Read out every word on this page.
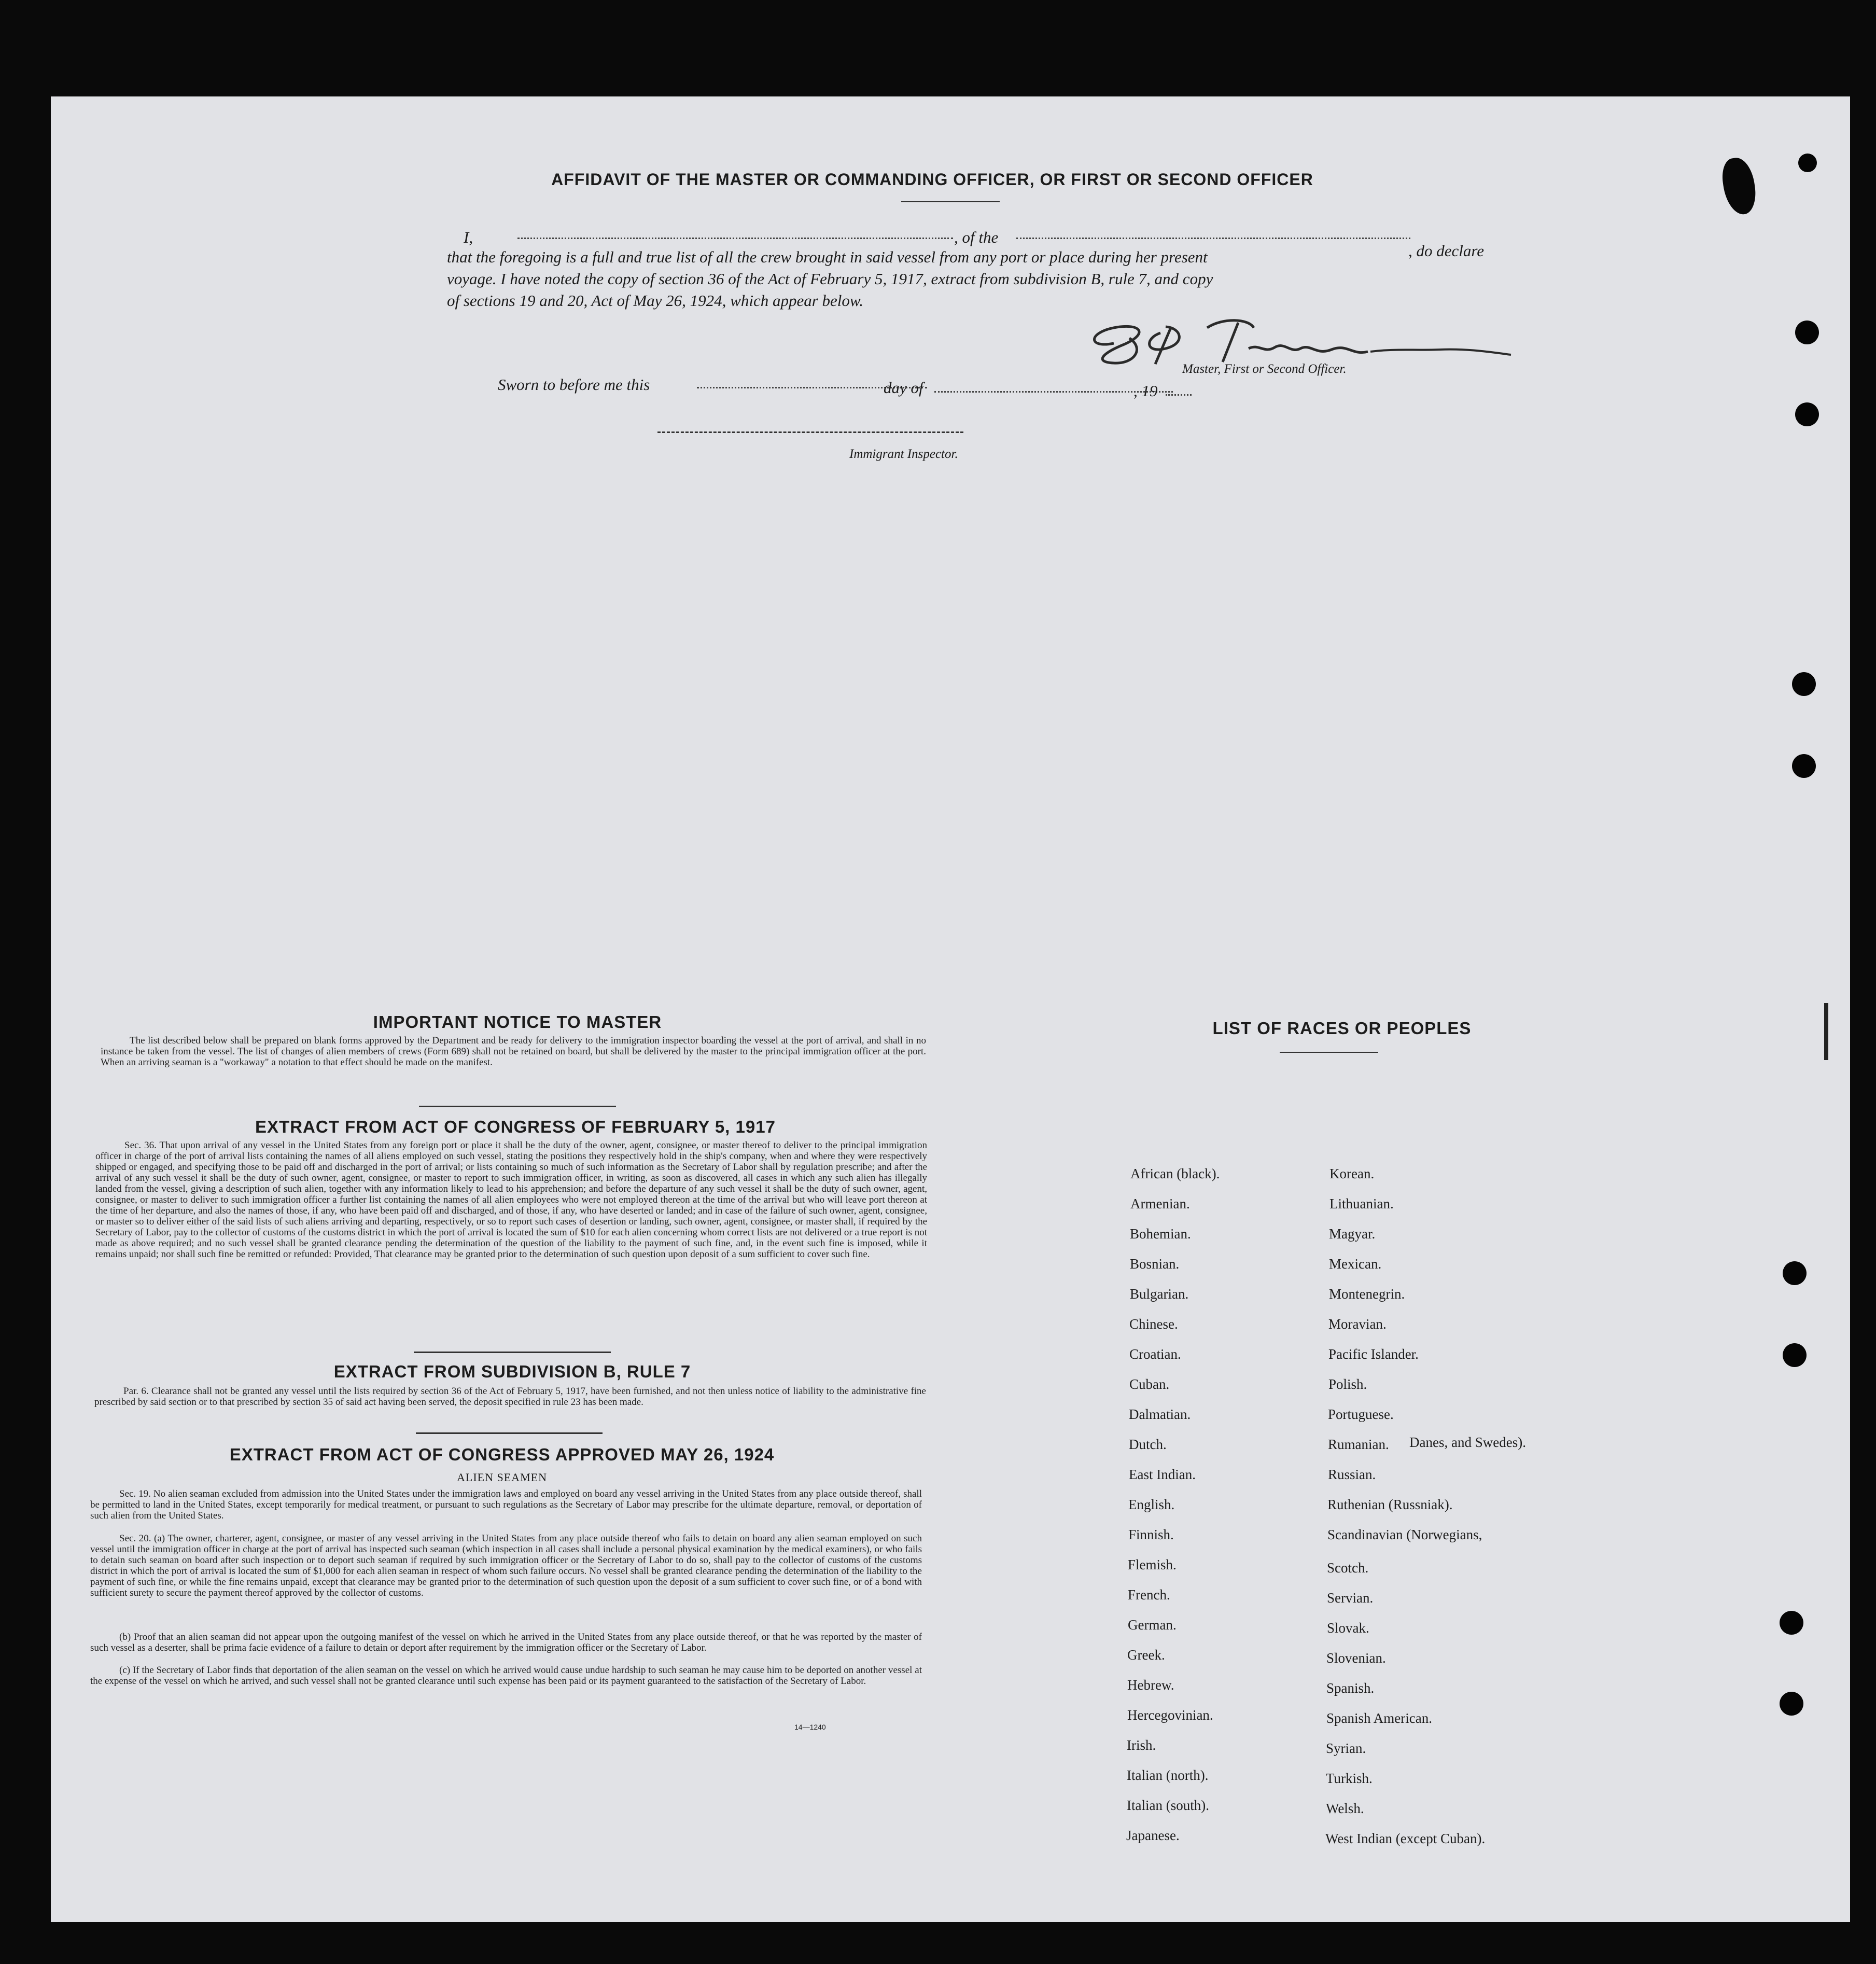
AFFIDAVIT OF THE MASTER OR COMMANDING OFFICER, OR FIRST OR SECOND OFFICER
I,	, of the
, do declare
that the foregoing is a full and true list of all the crew brought in said vessel from any port or place during her present
voyage. I have noted the copy of section 36 of the Act of February 5, 1917, extract from subdivision B, rule 7, and copy
of sections 19 and 20, Act of May 26, 1924, which appear below.
Master, First or Second Officer.
Sworn to before me this	day of	, 19
Immigrant Inspector.
IMPORTANT NOTICE TO MASTER
The list described below shall be prepared on blank forms approved by the Department and be ready for delivery to the immigration inspector boarding the vessel at the port of arrival, and shall in no instance be taken from the vessel. The list of changes of alien members of crews (Form 689) shall not be retained on board, but shall be delivered by the master to the principal immigration officer at the port. When an arriving seaman is a "workaway" a notation to that effect should be made on the manifest.
EXTRACT FROM ACT OF CONGRESS OF FEBRUARY 5, 1917
Sec. 36. That upon arrival of any vessel in the United States from any foreign port or place it shall be the duty of the owner, agent, consignee, or master thereof to deliver to the principal immigration officer in charge of the port of arrival lists containing the names of all aliens employed on such vessel, stating the positions they respectively hold in the ship's company, when and where they were respectively shipped or engaged, and specifying those to be paid off and discharged in the port of arrival; or lists containing so much of such information as the Secretary of Labor shall by regulation prescribe; and after the arrival of any such vessel it shall be the duty of such owner, agent, consignee, or master to report to such immigration officer, in writing, as soon as discovered, all cases in which any such alien has illegally landed from the vessel, giving a description of such alien, together with any information likely to lead to his apprehension; and before the departure of any such vessel it shall be the duty of such owner, agent, consignee, or master to deliver to such immigration officer a further list containing the names of all alien employees who were not employed thereon at the time of the arrival but who will leave port thereon at the time of her departure, and also the names of those, if any, who have been paid off and discharged, and of those, if any, who have deserted or landed; and in case of the failure of such owner, agent, consignee, or master so to deliver either of the said lists of such aliens arriving and departing, respectively, or so to report such cases of desertion or landing, such owner, agent, consignee, or master shall, if required by the Secretary of Labor, pay to the collector of customs of the customs district in which the port of arrival is located the sum of $10 for each alien concerning whom correct lists are not delivered or a true report is not made as above required; and no such vessel shall be granted clearance pending the determination of the question of the liability to the payment of such fine, and, in the event such fine is imposed, while it remains unpaid; nor shall such fine be remitted or refunded: Provided, That clearance may be granted prior to the determination of such question upon deposit of a sum sufficient to cover such fine.
EXTRACT FROM SUBDIVISION B, RULE 7
Par. 6. Clearance shall not be granted any vessel until the lists required by section 36 of the Act of February 5, 1917, have been furnished, and not then unless notice of liability to the administrative fine prescribed by said section or to that prescribed by section 35 of said act having been served, the deposit specified in rule 23 has been made.
EXTRACT FROM ACT OF CONGRESS APPROVED MAY 26, 1924
ALIEN SEAMEN
Sec. 19. No alien seaman excluded from admission into the United States under the immigration laws and employed on board any vessel arriving in the United States from any place outside thereof, shall be permitted to land in the United States, except temporarily for medical treatment, or pursuant to such regulations as the Secretary of Labor may prescribe for the ultimate departure, removal, or deportation of such alien from the United States.
Sec. 20. (a) The owner, charterer, agent, consignee, or master of any vessel arriving in the United States from any place outside thereof who fails to detain on board any alien seaman employed on such vessel until the immigration officer in charge at the port of arrival has inspected such seaman (which inspection in all cases shall include a personal physical examination by the medical examiners), or who fails to detain such seaman on board after such inspection or to deport such seaman if required by such immigration officer or the Secretary of Labor to do so, shall pay to the collector of customs of the customs district in which the port of arrival is located the sum of $1,000 for each alien seaman in respect of whom such failure occurs. No vessel shall be granted clearance pending the determination of the liability to the payment of such fine, or while the fine remains unpaid, except that clearance may be granted prior to the determination of such question upon the deposit of a sum sufficient to cover such fine, or of a bond with sufficient surety to secure the payment thereof approved by the collector of customs.
(b) Proof that an alien seaman did not appear upon the outgoing manifest of the vessel on which he arrived in the United States from any place outside thereof, or that he was reported by the master of such vessel as a deserter, shall be prima facie evidence of a failure to detain or deport after requirement by the immigration officer or the Secretary of Labor.
(c) If the Secretary of Labor finds that deportation of the alien seaman on the vessel on which he arrived would cause undue hardship to such seaman he may cause him to be deported on another vessel at the expense of the vessel on which he arrived, and such vessel shall not be granted clearance until such expense has been paid or its payment guaranteed to the satisfaction of the Secretary of Labor.
14—1240
LIST OF RACES OR PEOPLES
African (black).
Armenian.
Bohemian.
Bosnian.
Bulgarian.
Chinese.
Croatian.
Cuban.
Dalmatian.
Dutch.
East Indian.
English.
Finnish.
Flemish.
French.
German.
Greek.
Hebrew.
Hercegovinian.
Irish.
Italian (north).
Italian (south).
Japanese.
Korean.
Lithuanian.
Magyar.
Mexican.
Montenegrin.
Moravian.
Pacific Islander.
Polish.
Portuguese.
Rumanian.
Russian.
Ruthenian (Russniak).
Scandinavian (Norwegians,
Scotch.
Servian.
Slovak.
Slovenian.
Spanish.
Spanish American.
Syrian.
Turkish.
Welsh.
West Indian (except Cuban).
Danes, and Swedes).
